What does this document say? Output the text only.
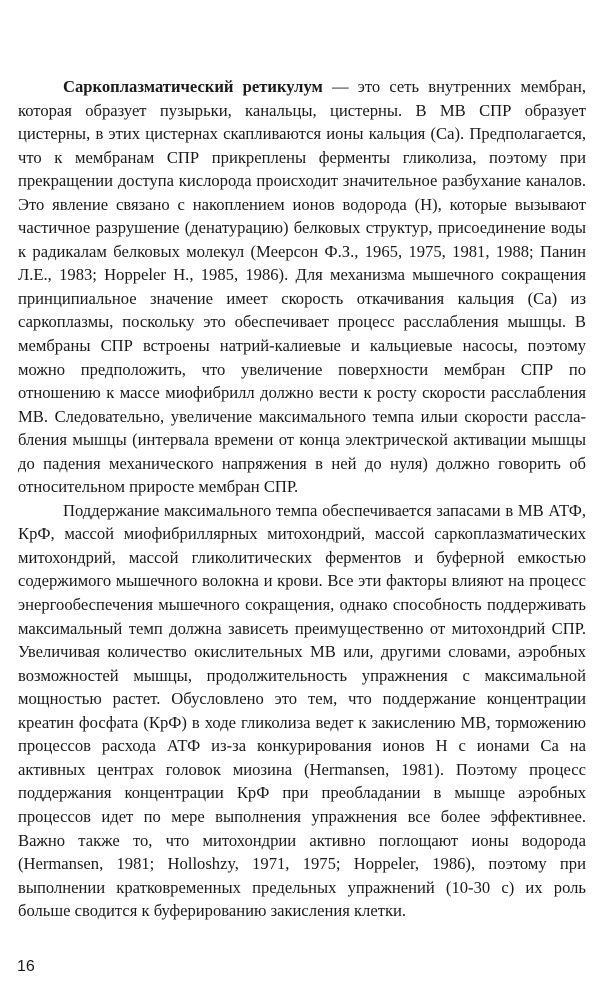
Саркоплазматический ретикулум — это сеть внутренних мембран, которая образует пузырьки, канальцы, цистерны. В МВ СПР образует цистерны, в этих цистернах скапливаются ионы кальция (Са). Предполагается, что к мембранам СПР прикреплены ферменты гликолиза, поэтому при прекращении доступа кислорода происходит значительное разбухание каналов. Это явление связано с накоплением ионов водорода (Н), которые вызывают частичное разрушение (денатурацию) белковых структур, присоединение воды к радикалам белковых молекул (Меерсон Ф.З., 1965, 1975, 1981, 1988; Панин Л.Е., 1983; Hoppeler Н., 1985, 1986). Для механизма мышечного сокращения принципиальное значение имеет скорость откачивания кальция (Са) из саркоплазмы, поскольку это обеспечивает процесс расслабления мышцы. В мембраны СПР встроены натрий-калиевые и кальциевые насосы, поэтому можно предположить, что увеличение поверхности мембран СПР по отношению к массе миофибрилл должно вести к росту скорости расслабления МВ. Следовательно, увеличение максимального темпа илыи скорости расслабления мышцы (интервала времени от конца электрической активации мышцы до падения механического напряжения в ней до нуля) должно говорить об относительном приросте мембран СПР.

Поддержание максимального темпа обеспечивается запасами в МВ АТФ, КрФ, массой миофибриллярных митохондрий, массой саркоплазматических митохондрий, массой гликолитических ферментов и буферной емкостью содержимого мышечного волокна и крови. Все эти факторы влияют на процесс энергообеспечения мышечного сокращения, однако способность поддерживать максимальный темп должна зависеть преимущественно от митохондрий СПР. Увеличивая количество окислительных МВ или, другими словами, аэробных возможностей мышцы, продолжительность упражнения с максимальной мощностью растет. Обусловлено это тем, что поддержание концентрации креатин фосфата (КрФ) в ходе гликолиза ведет к закислению МВ, торможению процессов расхода АТФ из-за конкурирования ионов Н с ионами Са на активных центрах головок миозина (Hermansen, 1981). Поэтому процесс поддержания концентрации КрФ при преобладании в мышце аэробных процессов идет по мере выполнения упражнения все более эффективнее. Важно также то, что митохондрии активно поглощают ионы водорода (Hermansen, 1981; Holloshzy, 1971, 1975; Hoppeler, 1986), поэтому при выполнении кратковременных предельных упражнений (10-30 с) их роль больше сводится к буферированию закисления клетки.

16
